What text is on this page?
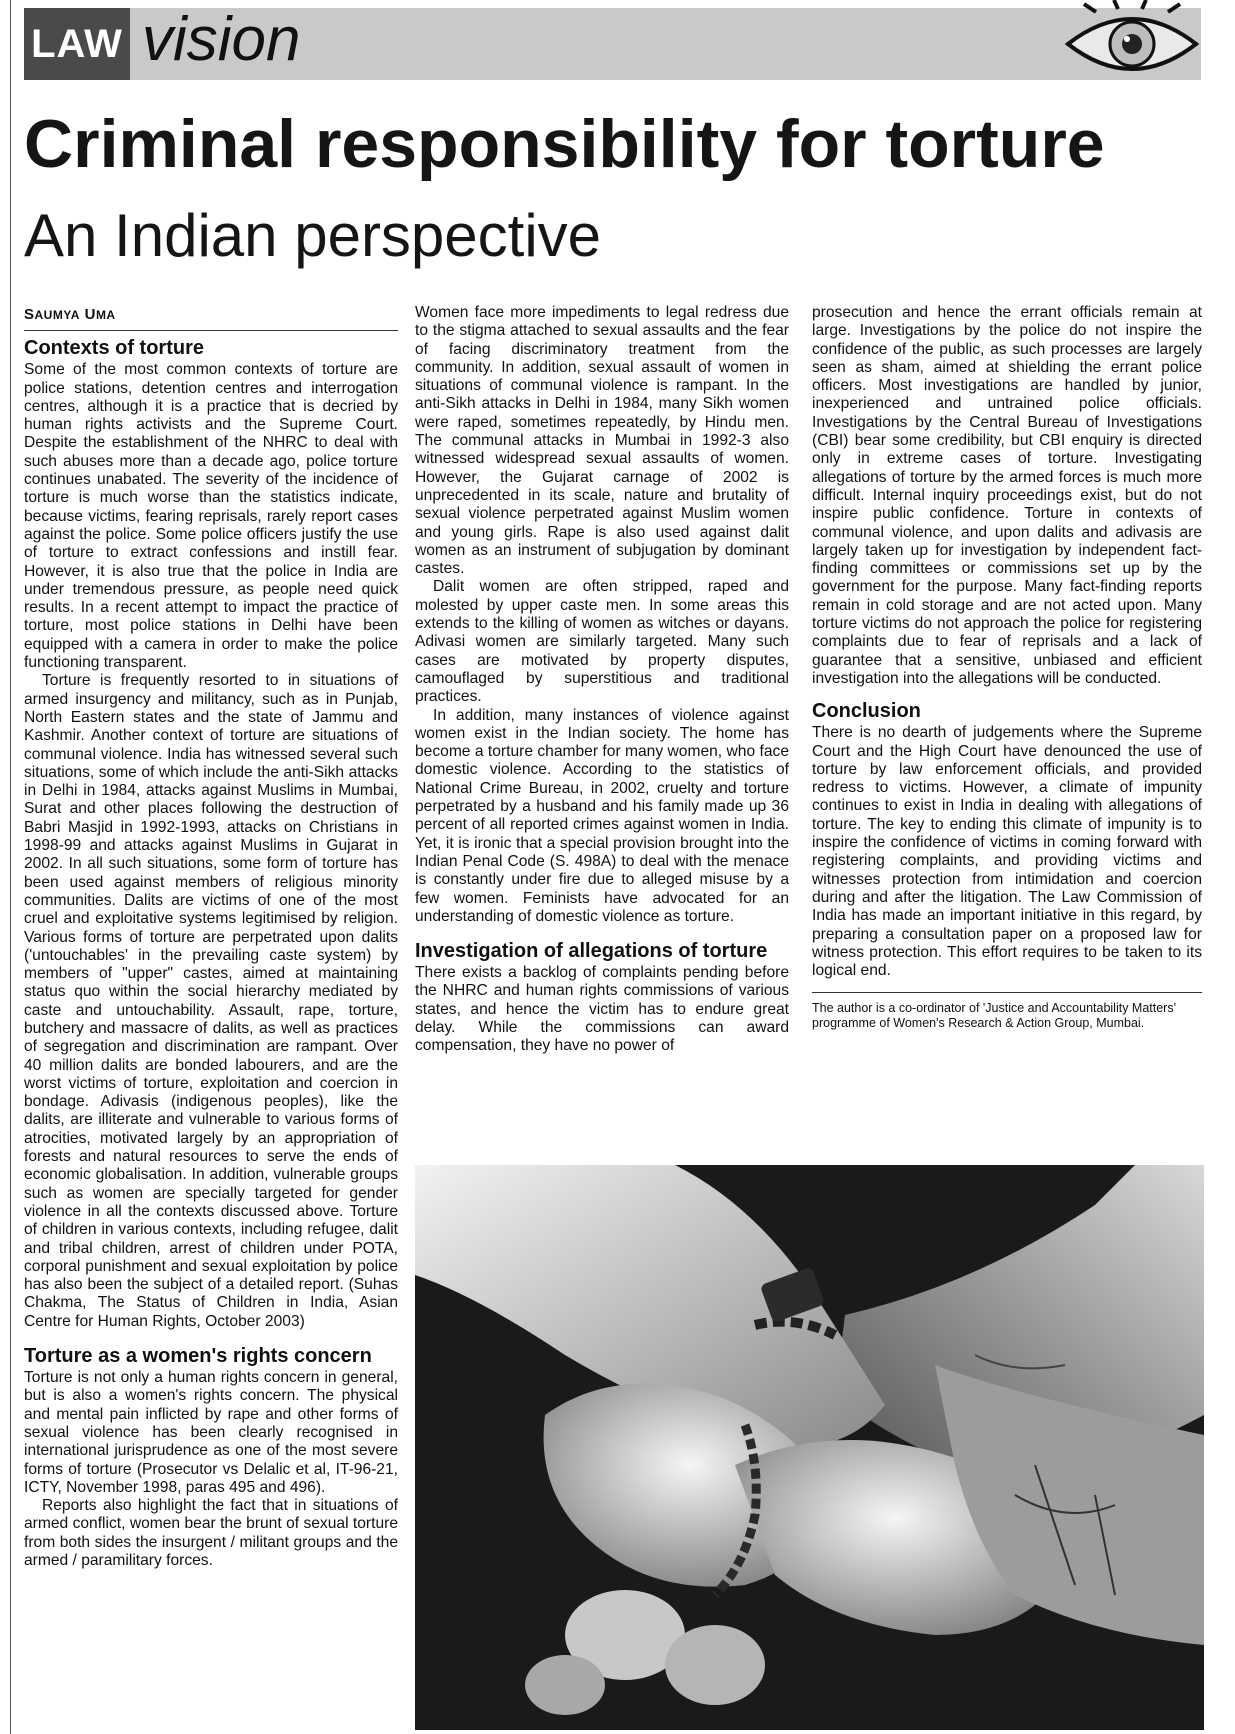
LAW vision
Criminal responsibility for torture
An Indian perspective
SAUMYA UMA
Contexts of torture

Some of the most common contexts of torture are police stations, detention centres and interrogation centres, although it is a practice that is decried by human rights activists and the Supreme Court. Despite the establishment of the NHRC to deal with such abuses more than a decade ago, police torture continues unabated. The severity of the incidence of torture is much worse than the statistics indicate, because victims, fearing reprisals, rarely report cases against the police. Some police officers justify the use of torture to extract confessions and instill fear. However, it is also true that the police in India are under tremendous pressure, as people need quick results. In a recent attempt to impact the practice of torture, most police stations in Delhi have been equipped with a camera in order to make the police functioning transparent.

Torture is frequently resorted to in situations of armed insurgency and militancy, such as in Punjab, North Eastern states and the state of Jammu and Kashmir. Another context of torture are situations of communal violence. India has witnessed several such situations, some of which include the anti-Sikh attacks in Delhi in 1984, attacks against Muslims in Mumbai, Surat and other places following the destruction of Babri Masjid in 1992-1993, attacks on Christians in 1998-99 and attacks against Muslims in Gujarat in 2002. In all such situations, some form of torture has been used against members of religious minority communities. Dalits are victims of one of the most cruel and exploitative systems legitimised by religion. Various forms of torture are perpetrated upon dalits ('untouchables' in the prevailing caste system) by members of "upper" castes, aimed at maintaining status quo within the social hierarchy mediated by caste and untouchability. Assault, rape, torture, butchery and massacre of dalits, as well as practices of segregation and discrimination are rampant. Over 40 million dalits are bonded labourers, and are the worst victims of torture, exploitation and coercion in bondage. Adivasis (indigenous peoples), like the dalits, are illiterate and vulnerable to various forms of atrocities, motivated largely by an appropriation of forests and natural resources to serve the ends of economic globalisation. In addition, vulnerable groups such as women are specially targeted for gender violence in all the contexts discussed above. Torture of children in various contexts, including refugee, dalit and tribal children, arrest of children under POTA, corporal punishment and sexual exploitation by police has also been the subject of a detailed report. (Suhas Chakma, The Status of Children in India, Asian Centre for Human Rights, October 2003)

Torture as a women's rights concern

Torture is not only a human rights concern in general, but is also a women's rights concern. The physical and mental pain inflicted by rape and other forms of sexual violence has been clearly recognised in international jurisprudence as one of the most severe forms of torture (Prosecutor vs Delalic et al, IT-96-21, ICTY, November 1998, paras 495 and 496).

Reports also highlight the fact that in situations of armed conflict, women bear the brunt of sexual torture from both sides the insurgent / militant groups and the armed / paramilitary forces.

Women face more impediments to legal redress due to the stigma attached to sexual assaults and the fear of facing discriminatory treatment from the community. In addition, sexual assault of women in situations of communal violence is rampant. In the anti-Sikh attacks in Delhi in 1984, many Sikh women were raped, sometimes repeatedly, by Hindu men. The communal attacks in Mumbai in 1992-3 also witnessed widespread sexual assaults of women. However, the Gujarat carnage of 2002 is unprecedented in its scale, nature and brutality of sexual violence perpetrated against Muslim women and young girls. Rape is also used against dalit women as an instrument of subjugation by dominant castes.

Dalit women are often stripped, raped and molested by upper caste men. In some areas this extends to the killing of women as witches or dayans. Adivasi women are similarly targeted. Many such cases are motivated by property disputes, camouflaged by superstitious and traditional practices.

In addition, many instances of violence against women exist in the Indian society. The home has become a torture chamber for many women, who face domestic violence. According to the statistics of National Crime Bureau, in 2002, cruelty and torture perpetrated by a husband and his family made up 36 percent of all reported crimes against women in India. Yet, it is ironic that a special provision brought into the Indian Penal Code (S. 498A) to deal with the menace is constantly under fire due to alleged misuse by a few women. Feminists have advocated for an understanding of domestic violence as torture.

Investigation of allegations of torture

There exists a backlog of complaints pending before the NHRC and human rights commissions of various states, and hence the victim has to endure great delay. While the commissions can award compensation, they have no power of

prosecution and hence the errant officials remain at large. Investigations by the police do not inspire the confidence of the public, as such processes are largely seen as sham, aimed at shielding the errant police officers. Most investigations are handled by junior, inexperienced and untrained police officials. Investigations by the Central Bureau of Investigations (CBI) bear some credibility, but CBI enquiry is directed only in extreme cases of torture. Investigating allegations of torture by the armed forces is much more difficult. Internal inquiry proceedings exist, but do not inspire public confidence. Torture in contexts of communal violence, and upon dalits and adivasis are largely taken up for investigation by independent fact-finding committees or commissions set up by the government for the purpose. Many fact-finding reports remain in cold storage and are not acted upon. Many torture victims do not approach the police for registering complaints due to fear of reprisals and a lack of guarantee that a sensitive, unbiased and efficient investigation into the allegations will be conducted.

Conclusion

There is no dearth of judgements where the Supreme Court and the High Court have denounced the use of torture by law enforcement officials, and provided redress to victims. However, a climate of impunity continues to exist in India in dealing with allegations of torture. The key to ending this climate of impunity is to inspire the confidence of victims in coming forward with registering complaints, and providing victims and witnesses protection from intimidation and coercion during and after the litigation. The Law Commission of India has made an important initiative in this regard, by preparing a consultation paper on a proposed law for witness protection. This effort requires to be taken to its logical end.

The author is a co-ordinator of 'Justice and Accountability Matters' programme of Women's Research & Action Group, Mumbai.
